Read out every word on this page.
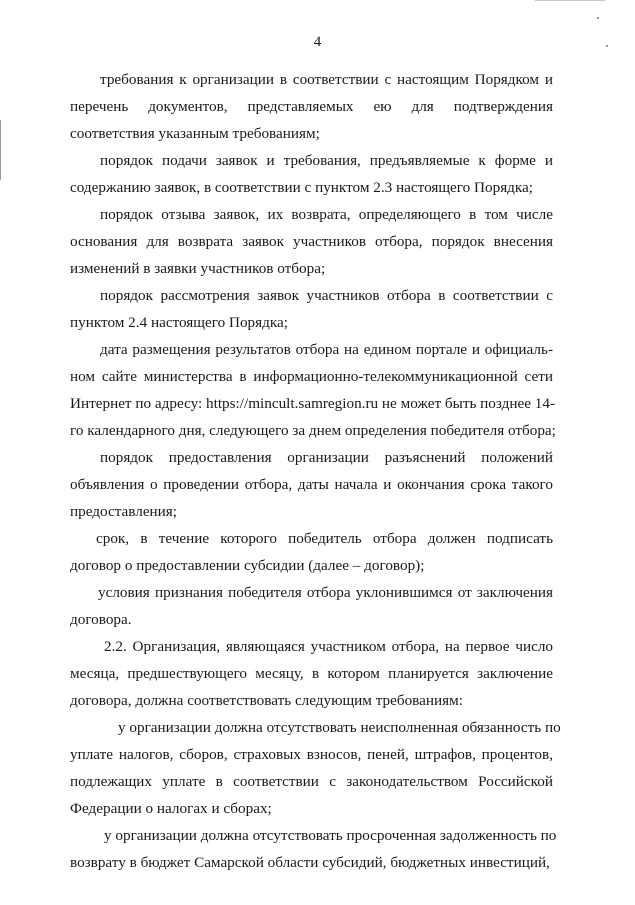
4
требования к организации в соответствии с настоящим Порядком и
перечень документов, представляемых ею для подтверждения
соответствия указанным требованиям;
порядок подачи заявок и требования, предъявляемые к форме и
содержанию заявок, в соответствии с пунктом 2.3 настоящего Порядка;
порядок отзыва заявок, их возврата, определяющего в том числе
основания для возврата заявок участников отбора, порядок внесения
изменений в заявки участников отбора;
порядок рассмотрения заявок участников отбора в соответствии с
пунктом 2.4 настоящего Порядка;
дата размещения результатов отбора на едином портале и официаль-
ном сайте министерства в информационно-телекоммуникационной сети
Интернет по адресу: https://mincult.samregion.ru не может быть позднее 14-
го календарного дня, следующего за днем определения победителя отбора;
порядок предоставления организации разъяснений положений
объявления о проведении отбора, даты начала и окончания срока такого
предоставления;
срок, в течение которого победитель отбора должен подписать
договор о предоставлении субсидии (далее – договор);
условия признания победителя отбора уклонившимся от заключения
договора.
2.2. Организация, являющаяся участником отбора, на первое число
месяца, предшествующего месяцу, в котором планируется заключение
договора, должна соответствовать следующим требованиям:
у организации должна отсутствовать неисполненная обязанность по
уплате налогов, сборов, страховых взносов, пеней, штрафов, процентов,
подлежащих уплате в соответствии с законодательством Российской
Федерации о налогах и сборах;
у организации должна отсутствовать просроченная задолженность по
возврату в бюджет Самарской области субсидий, бюджетных инвестиций,
